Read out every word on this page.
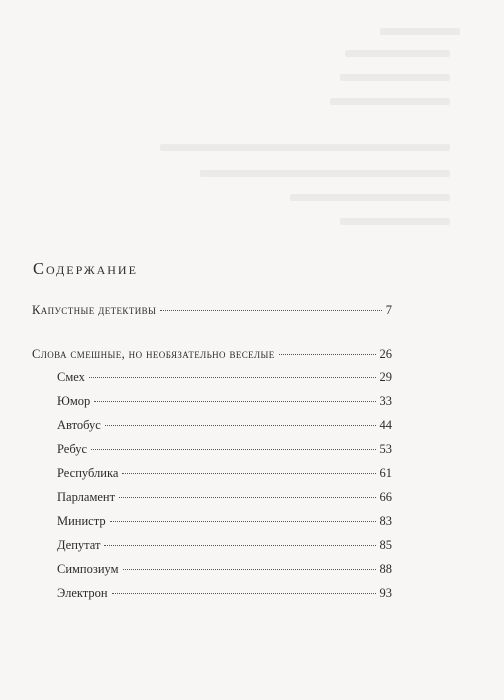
Содержание
Капустные детективы	7
Слова смешные, но необязательно веселые	26
Смех	29
Юмор	33
Автобус	44
Ребус	53
Республика	61
Парламент	66
Министр	83
Депутат	85
Симпозиум	88
Электрон	93
